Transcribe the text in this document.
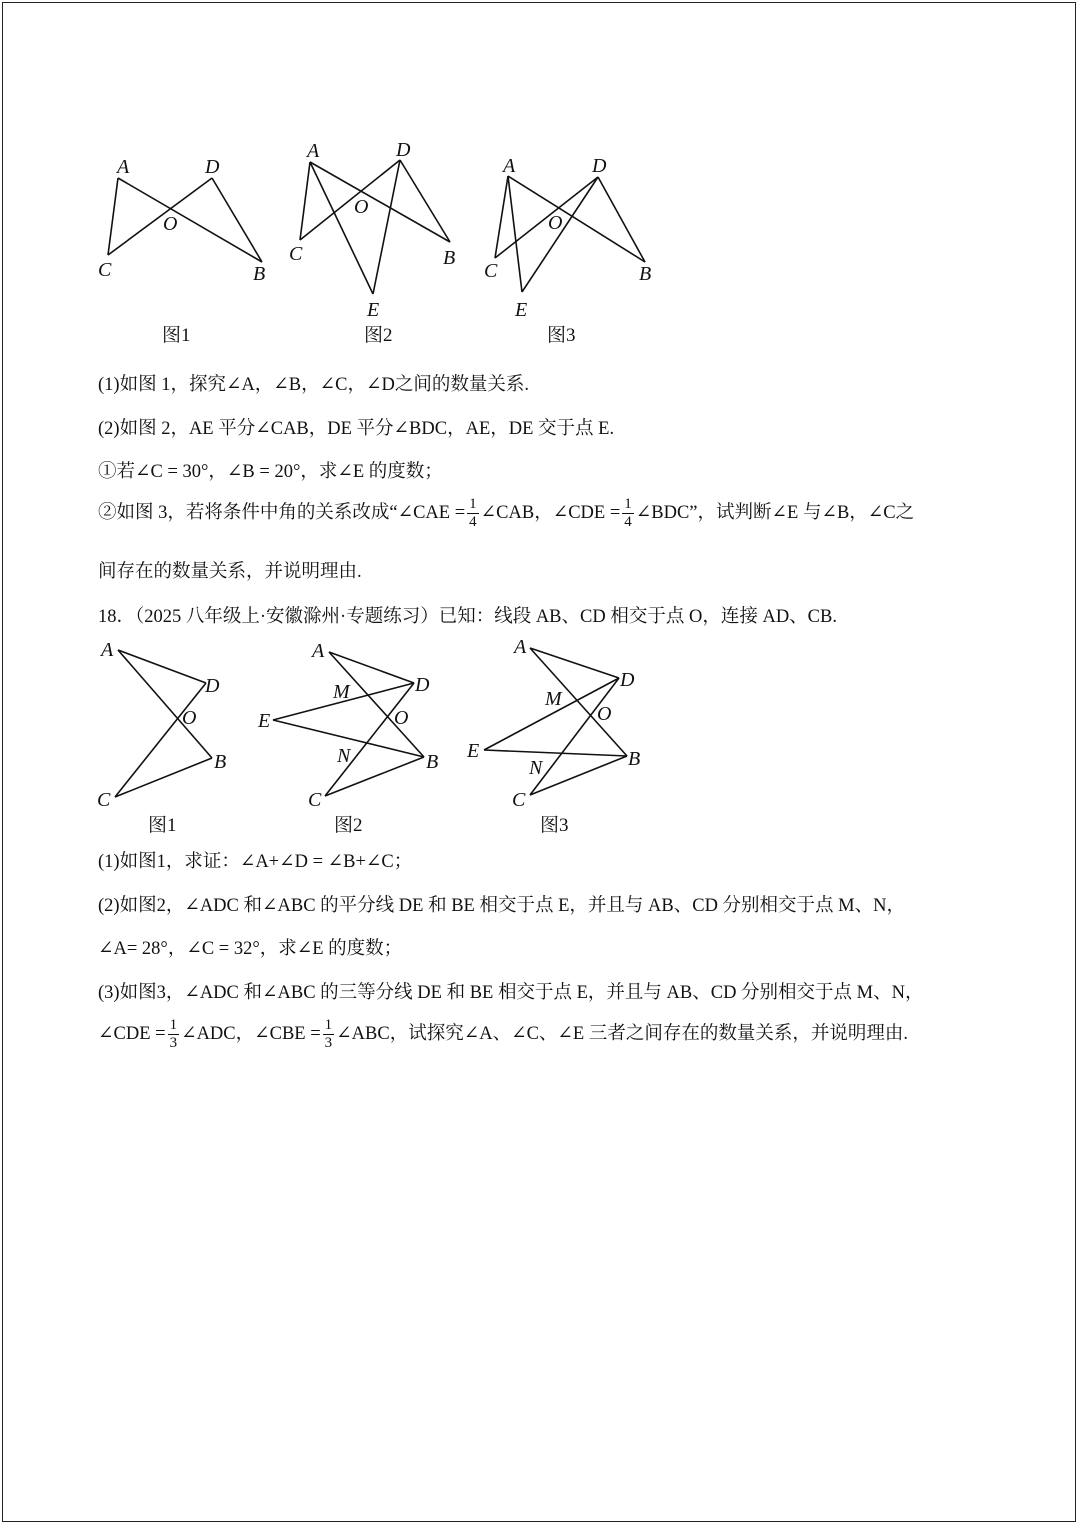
A	D
O
C	B
图1
A	D
O
C	B
E
图2
A	D
O
C	B
E
图3
(1)如图 1，探究∠A，∠B，∠C，∠D之间的数量关系.
(2)如图 2，AE 平分∠CAB，DE 平分∠BDC，AE，DE 交于点 E.
①若∠C = 30°，∠B = 20°，求∠E 的度数；
②如图 3，若将条件中角的关系改成“∠CAE = $\frac{1}{4}$ ∠CAB，∠CDE = $\frac{1}{4}$ ∠BDC”，试判断∠E 与∠B，∠C之
间存在的数量关系，并说明理由.
18．（2025 八年级上·安徽滁州·专题练习）已知：线段 AB、CD 相交于点 O，连接 AD、CB.
A
D
O
B
C
图1
A
M	D
E	O
N	B
C
图2
A
D
M
O
E
N	B
C
图3
(1)如图1，求证：∠A+∠D = ∠B+∠C；
(2)如图2，∠ADC 和∠ABC 的平分线 DE 和 BE 相交于点 E，并且与 AB、CD 分别相交于点 M、N，
∠A= 28°，∠C = 32°，求∠E 的度数；
(3)如图3，∠ADC 和∠ABC 的三等分线 DE 和 BE 相交于点 E，并且与 AB、CD 分别相交于点 M、N，
∠CDE = $\frac{1}{3}$ ∠ADC，∠CBE = $\frac{1}{3}$ ∠ABC，试探究∠A、∠C、∠E 三者之间存在的数量关系，并说明理由.
